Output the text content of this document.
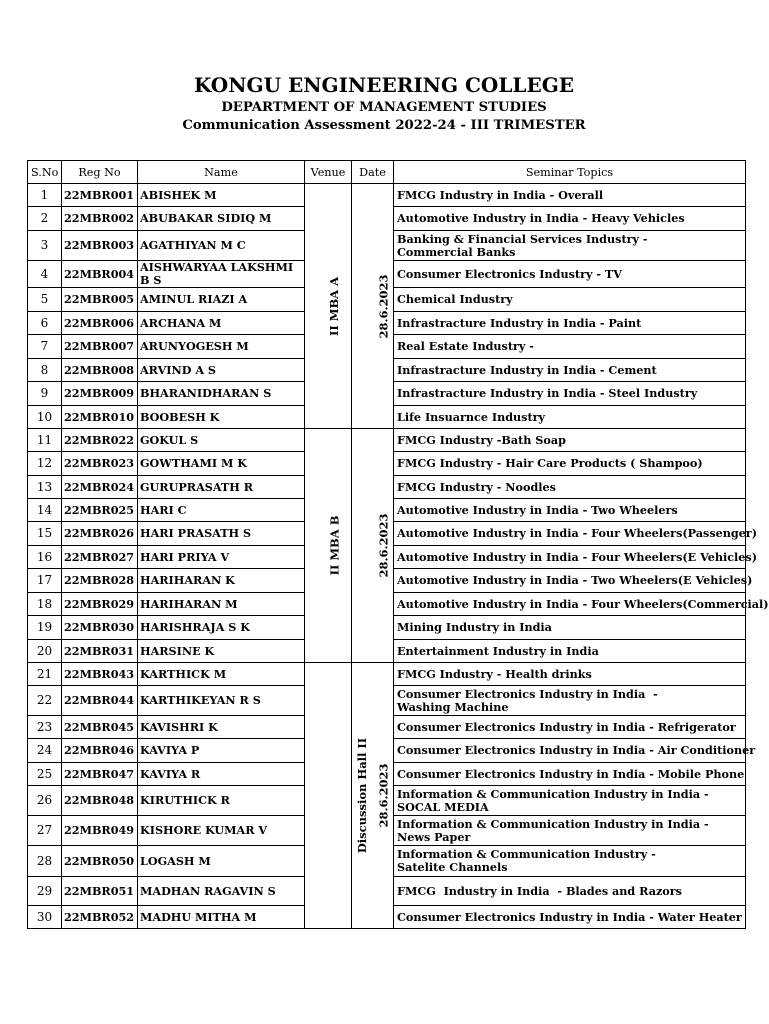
KONGU ENGINEERING COLLEGE
DEPARTMENT OF MANAGEMENT STUDIES
Communication Assessment 2022-24 - III TRIMESTER
S.No	Reg No	Name	Venue	Date	Seminar Topics
1	22MBR001	ABISHEK M	II MBA A	28.6.2023	FMCG Industry in India - Overall
2	22MBR002	ABUBAKAR SIDIQ M			Automotive Industry in India - Heavy Vehicles
3	22MBR003	AGATHIYAN M C			Banking & Financial Services Industry -
Commercial Banks
4	22MBR004	AISHWARYAA LAKSHMI B S			Consumer Electronics Industry - TV
5	22MBR005	AMINUL RIAZI A			Chemical Industry
6	22MBR006	ARCHANA M			Infrastracture Industry in India - Paint
7	22MBR007	ARUNYOGESH M			Real Estate Industry -
8	22MBR008	ARVIND A S			Infrastracture Industry in India - Cement
9	22MBR009	BHARANIDHARAN S			Infrastracture Industry in India - Steel Industry
10	22MBR010	BOOBESH K			Life Insuarnce Industry
11	22MBR022	GOKUL S	II MBA B	28.6.2023	FMCG Industry -Bath Soap
12	22MBR023	GOWTHAMI M K			FMCG Industry - Hair Care Products ( Shampoo)
13	22MBR024	GURUPRASATH R			FMCG Industry - Noodles
14	22MBR025	HARI C			Automotive Industry in India - Two Wheelers
15	22MBR026	HARI PRASATH S			Automotive Industry in India - Four Wheelers(Passenger)
16	22MBR027	HARI PRIYA V			Automotive Industry in India - Four Wheelers(E Vehicles)
17	22MBR028	HARIHARAN K			Automotive Industry in India - Two Wheelers(E Vehicles)
18	22MBR029	HARIHARAN M			Automotive Industry in India - Four Wheelers(Commercial)
19	22MBR030	HARISHRAJA S K			Mining Industry in India
20	22MBR031	HARSINE K			Entertainment Industry in India
21	22MBR043	KARTHICK M	Discussion Hall II	28.6.2023	FMCG Industry - Health drinks
22	22MBR044	KARTHIKEYAN R S			Consumer Electronics Industry in India  -
Washing Machine
23	22MBR045	KAVISHRI K			Consumer Electronics Industry in India - Refrigerator
24	22MBR046	KAVIYA P			Consumer Electronics Industry in India - Air Conditioner
25	22MBR047	KAVIYA R			Consumer Electronics Industry in India - Mobile Phone
26	22MBR048	KIRUTHICK R			Information & Communication Industry in India -
SOCAL MEDIA
27	22MBR049	KISHORE KUMAR V			Information & Communication Industry in India -
News Paper
28	22MBR050	LOGASH M			Information & Communication Industry -
Satelite Channels
29	22MBR051	MADHAN RAGAVIN S			FMCG  Industry in India  - Blades and Razors
30	22MBR052	MADHU MITHA M			Consumer Electronics Industry in India - Water Heater
